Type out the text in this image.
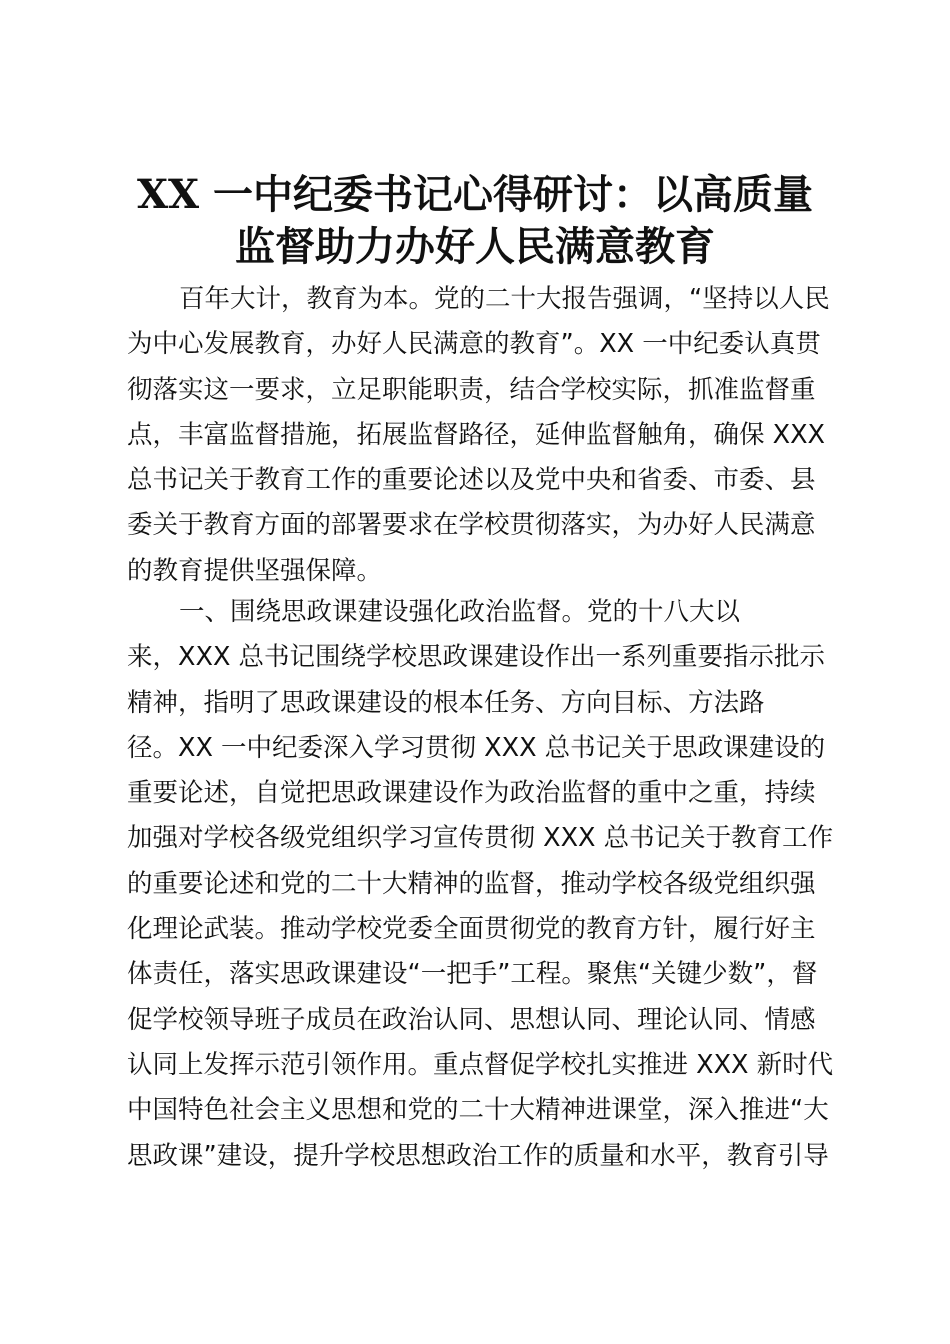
XX 一中纪委书记心得研讨：以高质量
监督助力办好人民满意教育
百年大计，教育为本。党的二十大报告强调，“坚持以人民
为中心发展教育，办好人民满意的教育”。XX 一中纪委认真贯
彻落实这一要求，立足职能职责，结合学校实际，抓准监督重
点，丰富监督措施，拓展监督路径，延伸监督触角，确保 XXX
总书记关于教育工作的重要论述以及党中央和省委、市委、县
委关于教育方面的部署要求在学校贯彻落实，为办好人民满意
的教育提供坚强保障。
一、围绕思政课建设强化政治监督。党的十八大以
来，XXX 总书记围绕学校思政课建设作出一系列重要指示批示
精神，指明了思政课建设的根本任务、方向目标、方法路
径。XX 一中纪委深入学习贯彻 XXX 总书记关于思政课建设的
重要论述，自觉把思政课建设作为政治监督的重中之重，持续
加强对学校各级党组织学习宣传贯彻 XXX 总书记关于教育工作
的重要论述和党的二十大精神的监督，推动学校各级党组织强
化理论武装。推动学校党委全面贯彻党的教育方针，履行好主
体责任，落实思政课建设“一把手”工程。聚焦“关键少数”，督
促学校领导班子成员在政治认同、思想认同、理论认同、情感
认同上发挥示范引领作用。重点督促学校扎实推进 XXX 新时代
中国特色社会主义思想和党的二十大精神进课堂，深入推进“大
思政课”建设，提升学校思想政治工作的质量和水平，教育引导
